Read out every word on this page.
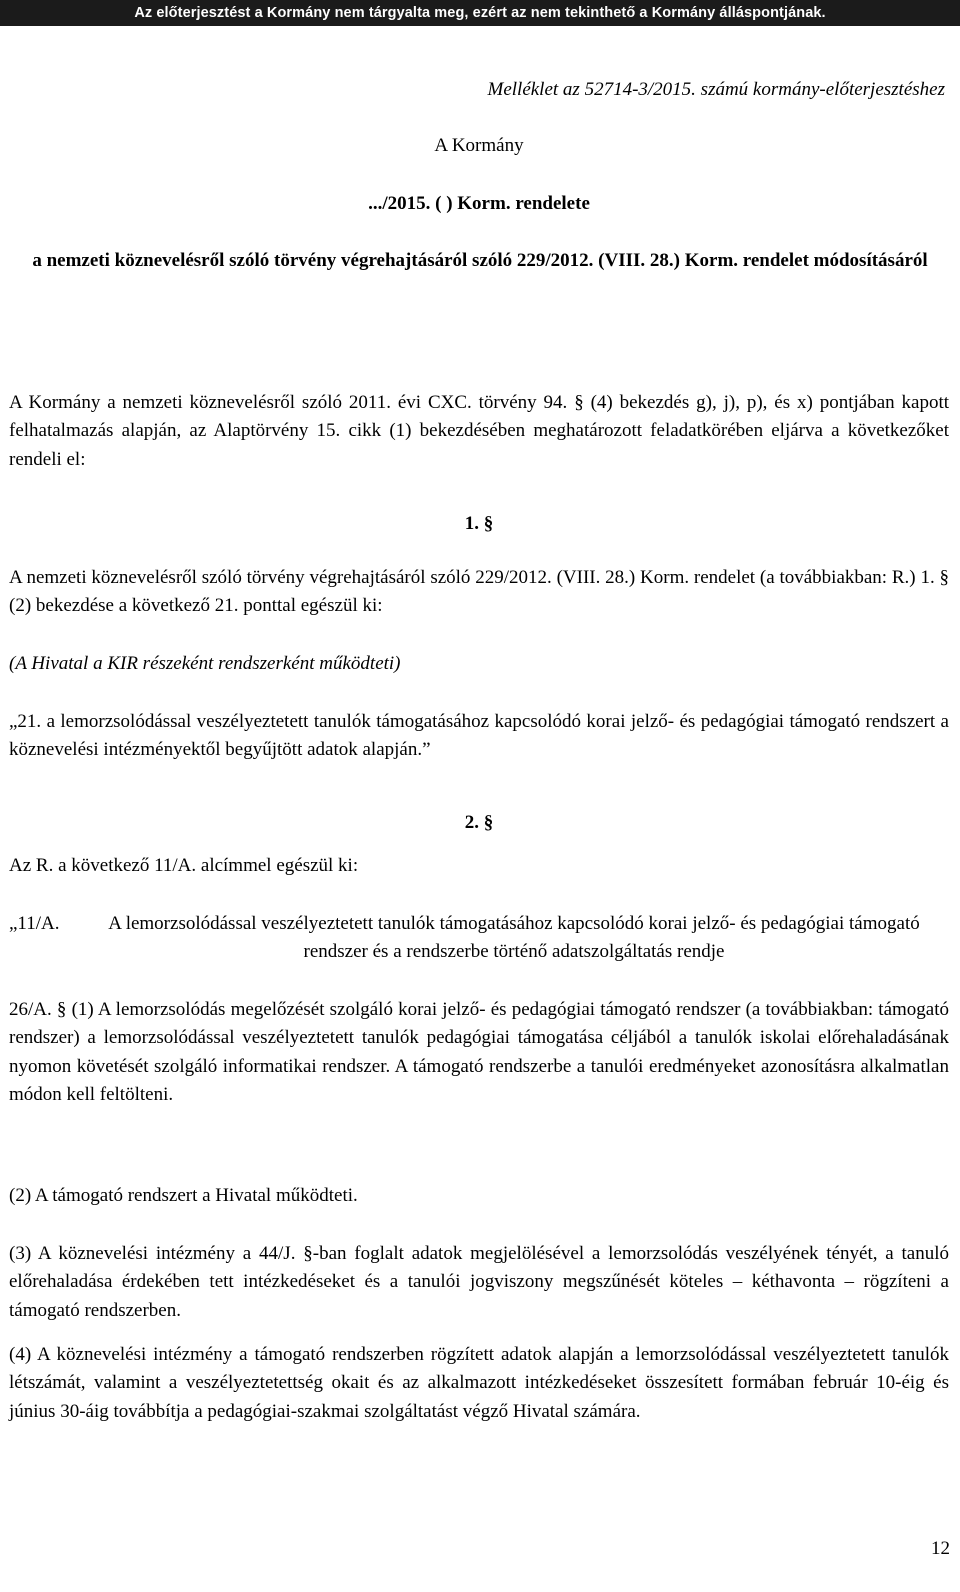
Az előterjesztést a Kormány nem tárgyalta meg, ezért az nem tekinthető a Kormány álláspontjának.

Melléklet az 52714-3/2015. számú kormány-előterjesztéshez

A Kormány

.../2015. ( ) Korm. rendelete

a nemzeti köznevelésről szóló törvény végrehajtásáról szóló 229/2012. (VIII. 28.) Korm. rendelet módosításáról

A Kormány a nemzeti köznevelésről szóló 2011. évi CXC. törvény 94. § (4) bekezdés g), j), p), és x) pontjában kapott felhatalmazás alapján, az Alaptörvény 15. cikk (1) bekezdésében meghatározott feladatkörében eljárva a következőket rendeli el:

1. §

A nemzeti köznevelésről szóló törvény végrehajtásáról szóló 229/2012. (VIII. 28.) Korm. rendelet (a továbbiakban: R.) 1. § (2) bekezdése a következő 21. ponttal egészül ki:

(A Hivatal a KIR részeként rendszerként működteti)

„21. a lemorzsolódással veszélyeztetett tanulók támogatásához kapcsolódó korai jelző- és pedagógiai támogató rendszert a köznevelési intézményektől begyűjtött adatok alapján.”

2. §

Az R. a következő 11/A. alcímmel egészül ki:

„11/A.	A lemorzsolódással veszélyeztetett tanulók támogatásához kapcsolódó korai jelző- és pedagógiai támogató rendszer és a rendszerbe történő adatszolgáltatás rendje

26/A. § (1) A lemorzsolódás megelőzését szolgáló korai jelző- és pedagógiai támogató rendszer (a továbbiakban: támogató rendszer) a lemorzsolódással veszélyeztetett tanulók pedagógiai támogatása céljából a tanulók iskolai előrehaladásának nyomon követését szolgáló informatikai rendszer. A támogató rendszerbe a tanulói eredményeket azonosításra alkalmatlan módon kell feltölteni.

(2) A támogató rendszert a Hivatal működteti.

(3) A köznevelési intézmény a 44/J. §-ban foglalt adatok megjelölésével a lemorzsolódás veszélyének tényét, a tanuló előrehaladása érdekében tett intézkedéseket és a tanulói jogviszony megszűnését köteles – kéthavonta – rögzíteni a támogató rendszerben.

(4) A köznevelési intézmény a támogató rendszerben rögzített adatok alapján a lemorzsolódással veszélyeztetett tanulók létszámát, valamint a veszélyeztetettség okait és az alkalmazott intézkedéseket összesített formában február 10-éig és június 30-áig továbbítja a pedagógiai-szakmai szolgáltatást végző Hivatal számára.

12
